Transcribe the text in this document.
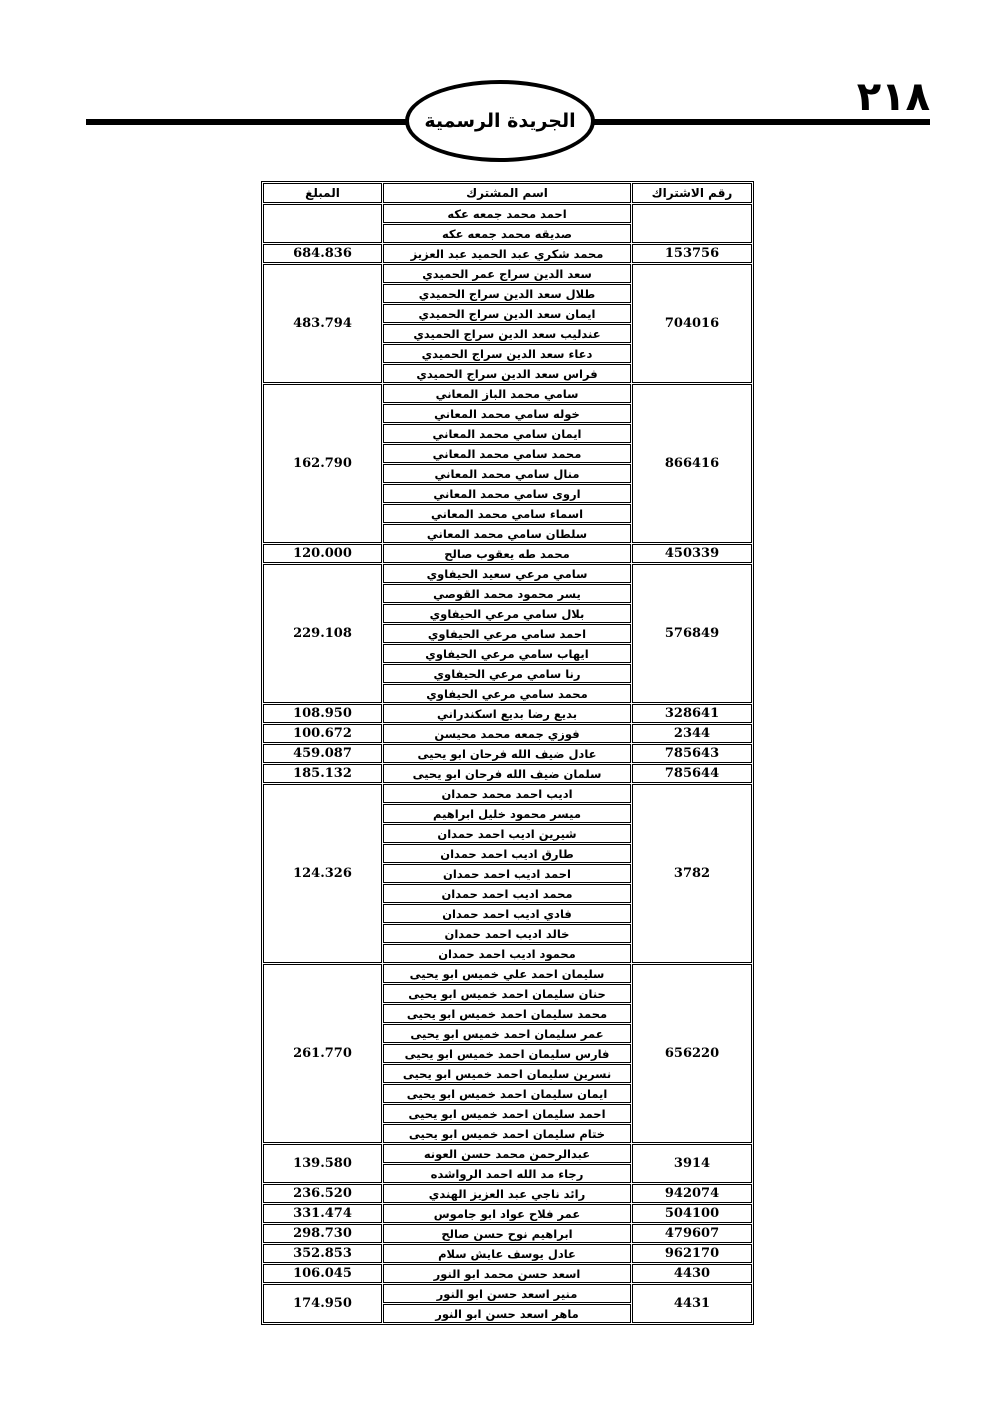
الجريدة الرسمية
٢١٨
رقم الاشتراك	اسم المشترك	المبلغ
	احمد محمد جمعه عكه	
	صديقه محمد جمعه عكه	
153756	محمد شكري عبد الحميد عبد العزيز	684.836
704016	سعد الدين سراج عمر الحميدي	483.794
	طلال سعد الدين سراج الحميدي	
	ايمان سعد الدين سراج الحميدي	
	عندليب سعد الدين سراج الحميدي	
	دعاء سعد الدين سراج الحميدي	
	فراس سعد الدين سراج الحميدي	
866416	سامي محمد الباز المعاني	162.790
	خوله سامي محمد المعاني	
	ايمان سامي محمد المعاني	
	محمد سامي محمد المعاني	
	منال سامي محمد المعاني	
	اروى سامي محمد المعاني	
	اسماء سامي محمد المعاني	
	سلطان سامي محمد المعاني	
450339	محمد طه يعقوب صالح	120.000
576849	سامي مرعي سعيد الحيفاوي	229.108
	يسر محمود محمد القوصي	
	بلال سامي مرعي الحيفاوي	
	احمد سامي مرعي الحيفاوي	
	ايهاب سامي مرعي الحيفاوي	
	رنا سامي مرعي الحيفاوي	
	محمد سامي مرعي الحيفاوي	
328641	بديع رضا بديع اسكندراني	108.950
2344	فوزي جمعه محمد محيسن	100.672
785643	عادل ضيف الله فرحان ابو يحيى	459.087
785644	سلمان ضيف الله فرحان ابو يحيى	185.132
3782	اديب احمد محمد حمدان	124.326
	ميسر محمود خليل ابراهيم	
	شيرين اديب احمد حمدان	
	طارق اديب احمد حمدان	
	احمد اديب احمد حمدان	
	محمد اديب احمد حمدان	
	فادي اديب احمد حمدان	
	خالد اديب احمد حمدان	
	محمود اديب احمد حمدان	
656220	سليمان احمد علي خميس ابو يحيى	261.770
	حنان سليمان احمد خميس ابو يحيى	
	محمد سليمان احمد خميس ابو يحيى	
	عمر سليمان احمد خميس ابو يحيى	
	فارس سليمان احمد خميس ابو يحيى	
	نسرين سليمان احمد خميس ابو يحيى	
	ايمان سليمان احمد خميس ابو يحيى	
	احمد سليمان احمد خميس ابو يحيى	
	ختام سليمان احمد خميس ابو يحيى	
3914	عبدالرحمن محمد حسن العونه	139.580
	رجاء مد الله احمد الرواشده	
942074	رائد ناجي عبد العزيز الهندي	236.520
504100	عمر فلاح عواد ابو جاموس	331.474
479607	ابراهيم نوح حسن صالح	298.730
962170	عادل يوسف عايش سلام	352.853
4430	اسعد حسن محمد ابو النور	106.045
4431	منير اسعد حسن ابو النور	174.950
	ماهر اسعد حسن ابو النور	
